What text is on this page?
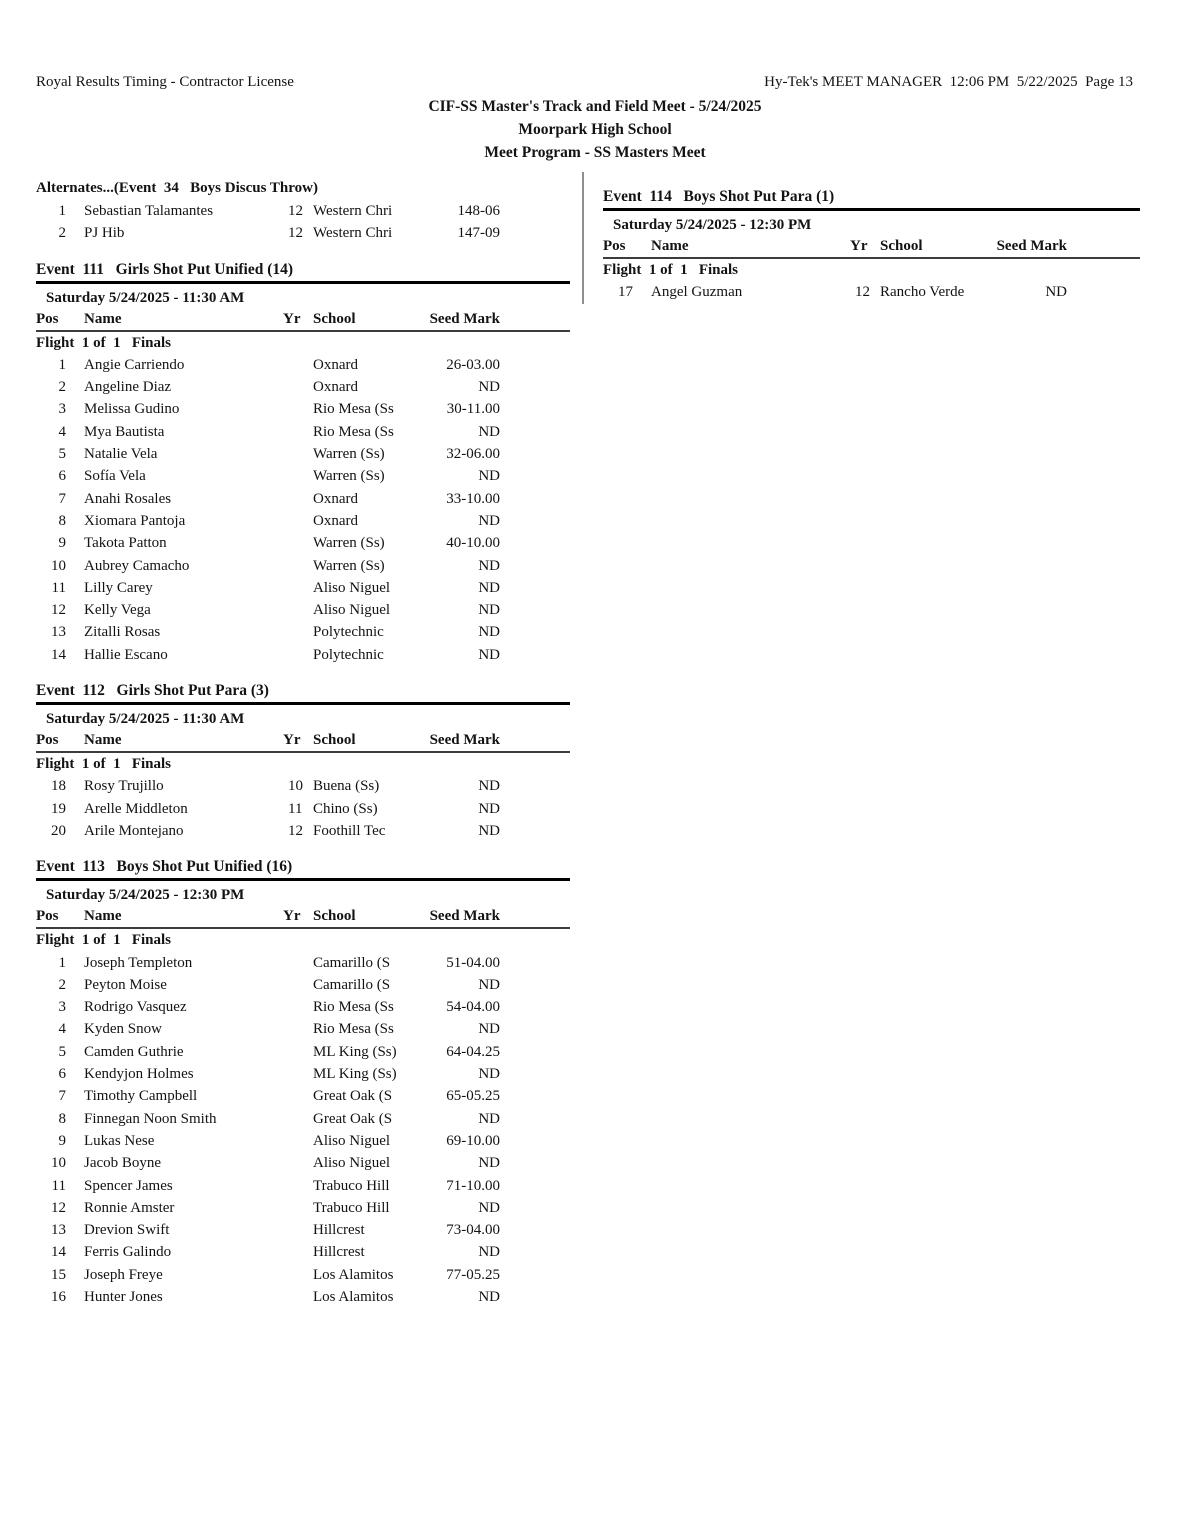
Royal Results Timing - Contractor License	Hy-Tek's MEET MANAGER  12:06 PM  5/22/2025  Page 13
CIF-SS Master's Track and Field Meet - 5/24/2025
Moorpark High School
Meet Program - SS Masters Meet
Alternates...(Event  34   Boys Discus Throw)
1 Sebastian Talamantes	12 Western Chri	148-06
2 PJ Hib	12 Western Chri	147-09
Event  111   Girls Shot Put Unified (14)
Saturday 5/24/2025 - 11:30 AM
Pos	Name	Yr School	Seed Mark
Flight  1 of  1   Finals
1 Angie Carriendo	Oxnard	26-03.00
2 Angeline Diaz	Oxnard	ND
3 Melissa Gudino	Rio Mesa (Ss	30-11.00
4 Mya Bautista	Rio Mesa (Ss	ND
5 Natalie Vela	Warren (Ss)	32-06.00
6 Sofía Vela	Warren (Ss)	ND
7 Anahi Rosales	Oxnard	33-10.00
8 Xiomara Pantoja	Oxnard	ND
9 Takota Patton	Warren (Ss)	40-10.00
10 Aubrey Camacho	Warren (Ss)	ND
11 Lilly Carey	Aliso Niguel	ND
12 Kelly Vega	Aliso Niguel	ND
13 Zitalli Rosas	Polytechnic	ND
14 Hallie Escano	Polytechnic	ND
Event  112   Girls Shot Put Para (3)
Saturday 5/24/2025 - 11:30 AM
Pos	Name	Yr School	Seed Mark
Flight  1 of  1   Finals
18 Rosy Trujillo	10 Buena (Ss)	ND
19 Arelle Middleton	11 Chino (Ss)	ND
20 Arile Montejano	12 Foothill Tec	ND
Event  113   Boys Shot Put Unified (16)
Saturday 5/24/2025 - 12:30 PM
Pos	Name	Yr School	Seed Mark
Flight  1 of  1   Finals
1 Joseph Templeton	Camarillo (S	51-04.00
2 Peyton Moise	Camarillo (S	ND
3 Rodrigo Vasquez	Rio Mesa (Ss	54-04.00
4 Kyden Snow	Rio Mesa (Ss	ND
5 Camden Guthrie	ML King (Ss)	64-04.25
6 Kendyjon Holmes	ML King (Ss)	ND
7 Timothy Campbell	Great Oak (S	65-05.25
8 Finnegan Noon Smith	Great Oak (S	ND
9 Lukas Nese	Aliso Niguel	69-10.00
10 Jacob Boyne	Aliso Niguel	ND
11 Spencer James	Trabuco Hill	71-10.00
12 Ronnie Amster	Trabuco Hill	ND
13 Drevion Swift	Hillcrest	73-04.00
14 Ferris Galindo	Hillcrest	ND
15 Joseph Freye	Los Alamitos	77-05.25
16 Hunter Jones	Los Alamitos	ND
Event  114   Boys Shot Put Para (1)
Saturday 5/24/2025 - 12:30 PM
Pos	Name	Yr School	Seed Mark
Flight  1 of  1   Finals
17 Angel Guzman	12 Rancho Verde	ND
